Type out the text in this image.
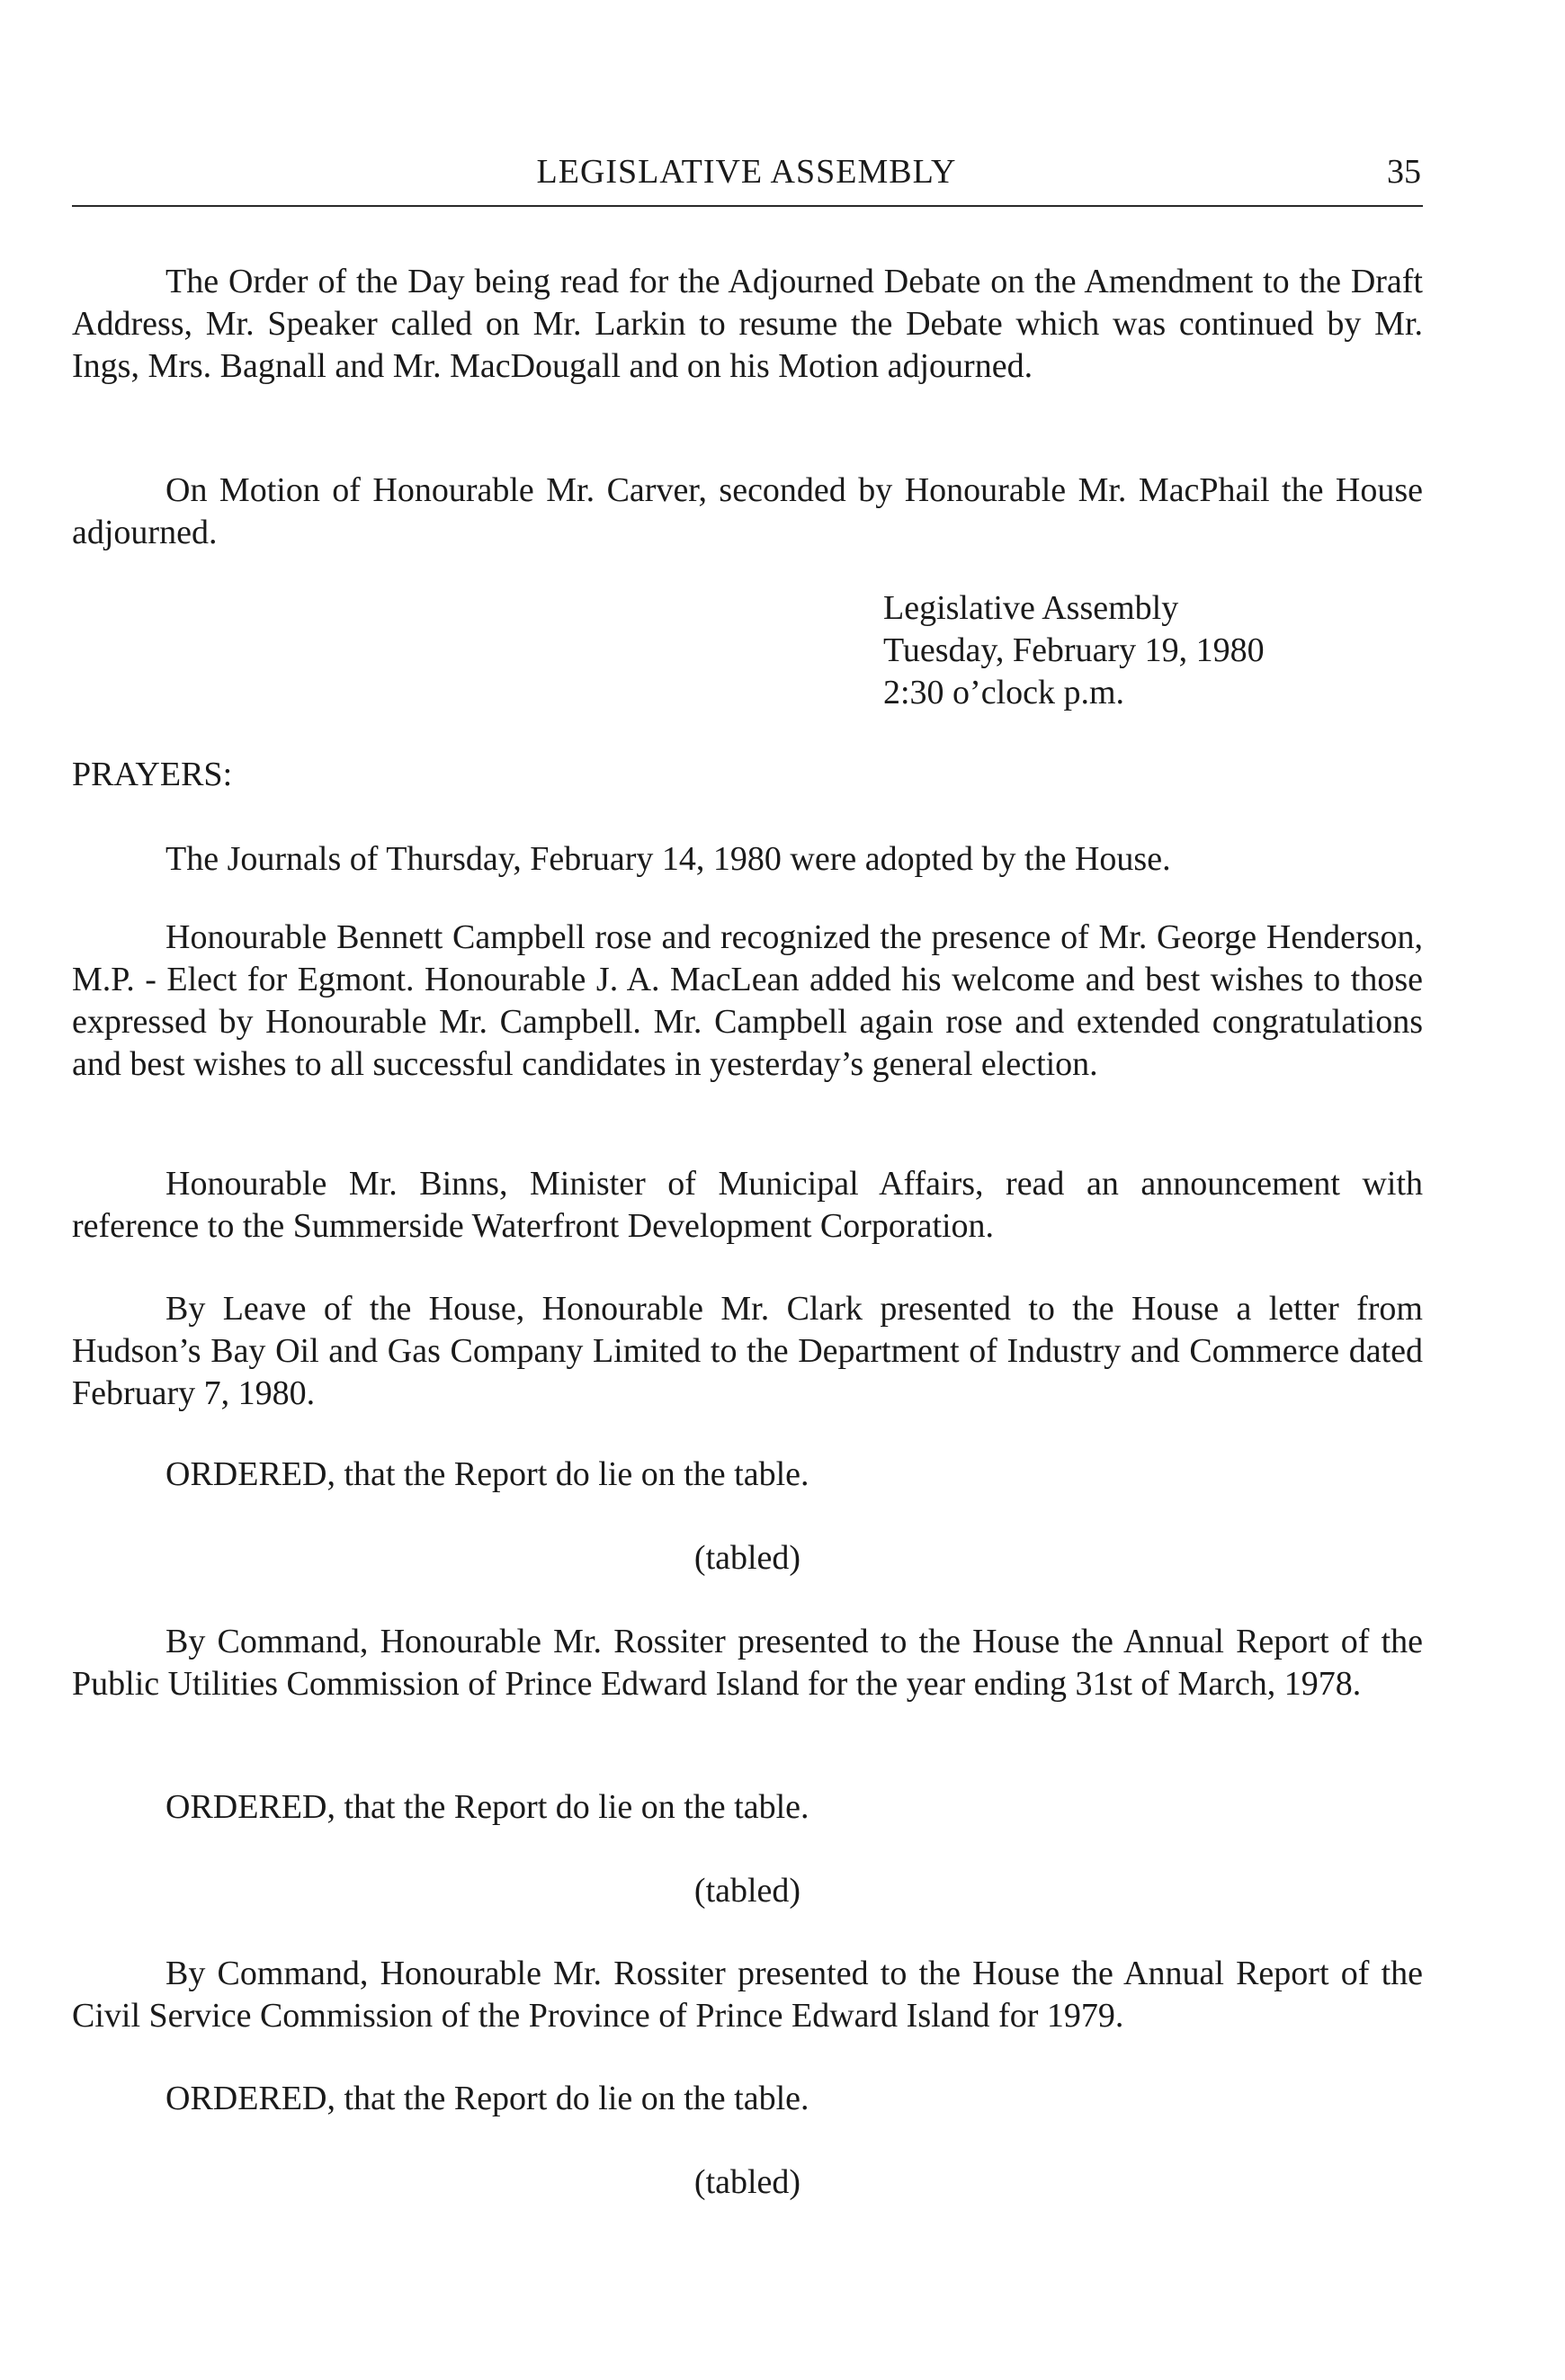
LEGISLATIVE ASSEMBLY	35

The Order of the Day being read for the Adjourned Debate on the Amendment to the Draft Address, Mr. Speaker called on Mr. Larkin to resume the Debate which was continued by Mr. Ings, Mrs. Bagnall and Mr. MacDougall and on his Motion adjourned.

On Motion of Honourable Mr. Carver, seconded by Honourable Mr. MacPhail the House adjourned.

Legislative Assembly
Tuesday, February 19, 1980
2:30 o’clock p.m.

PRAYERS:

The Journals of Thursday, February 14, 1980 were adopted by the House.

Honourable Bennett Campbell rose and recognized the presence of Mr. George Henderson, M.P. - Elect for Egmont. Honourable J. A. MacLean added his welcome and best wishes to those expressed by Honourable Mr. Campbell. Mr. Campbell again rose and extended congratulations and best wishes to all successful candidates in yesterday’s general election.

Honourable Mr. Binns, Minister of Municipal Affairs, read an announcement with reference to the Summerside Waterfront Development Corporation.

By Leave of the House, Honourable Mr. Clark presented to the House a letter from Hudson’s Bay Oil and Gas Company Limited to the Department of Industry and Commerce dated February 7, 1980.

ORDERED, that the Report do lie on the table.

(tabled)

By Command, Honourable Mr. Rossiter presented to the House the Annual Report of the Public Utilities Commission of Prince Edward Island for the year ending 31st of March, 1978.

ORDERED, that the Report do lie on the table.

(tabled)

By Command, Honourable Mr. Rossiter presented to the House the Annual Report of the Civil Service Commission of the Province of Prince Edward Island for 1979.

ORDERED, that the Report do lie on the table.

(tabled)
